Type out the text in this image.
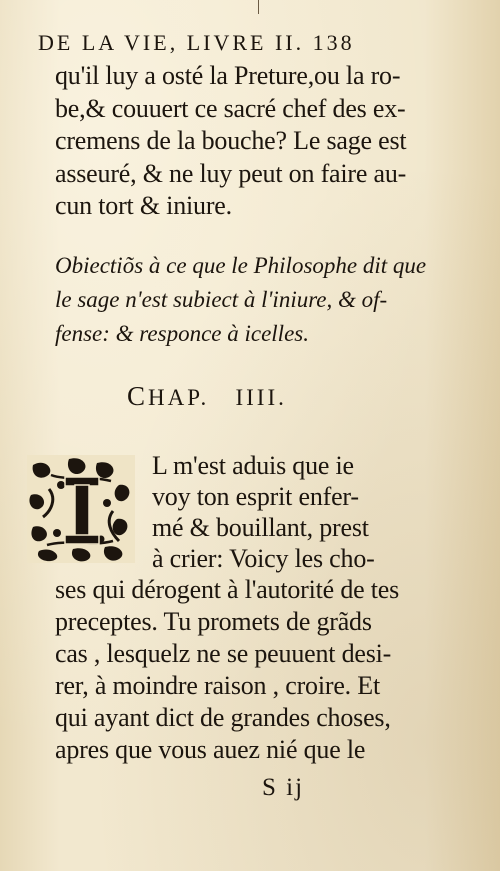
DE LA VIE, LIVRE II. 138
qu'il luy a osté la Preture,ou la ro-
be,& couuert ce sacré chef des ex-
cremens de la bouche? Le sage est
asseuré, & ne luy peut on faire au-
cun tort & iniure.
Obiectiõs à ce que le Philosophe dit que
le sage n'est subiect à l'iniure, & of-
fense: & responce à icelles.
CHAP. IIII.
L m'est aduis que ie
voy ton esprit enfer-
mé & bouillant, prest
à crier: Voicy les cho-
ses qui dérogent à l'autorité de tes
preceptes. Tu promets de grãds
cas , lesquelz ne se peuuent desi-
rer, à moindre raison , croire. Et
qui ayant dict de grandes choses,
apres que vous auez nié que le
S ij
